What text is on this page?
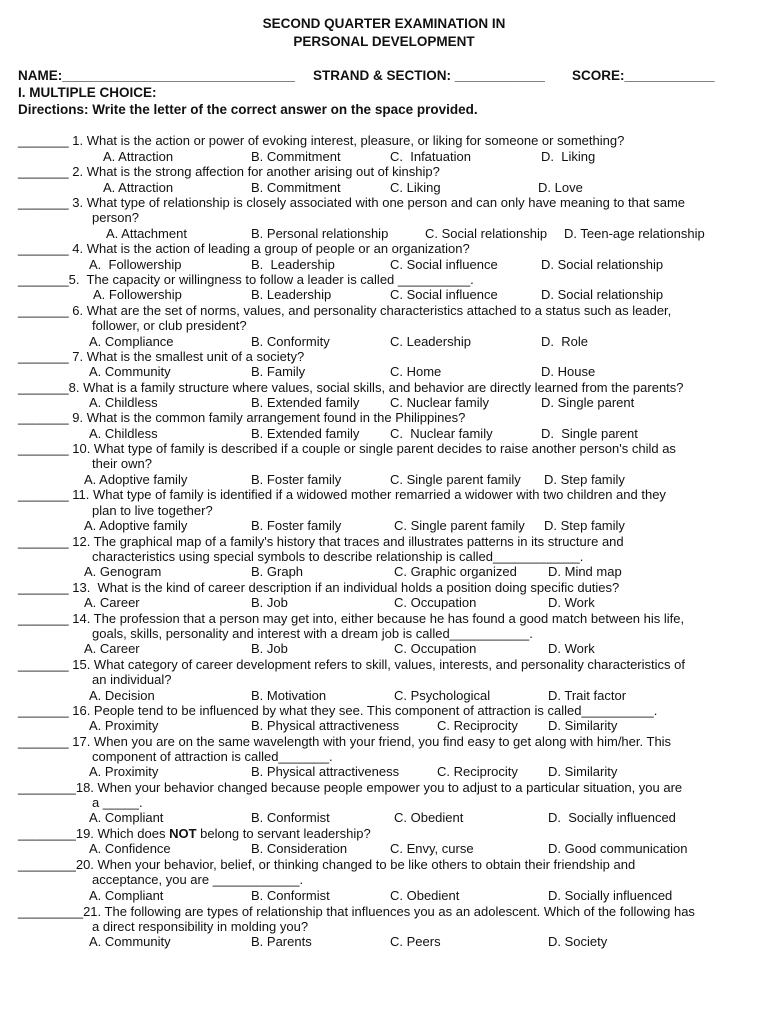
SECOND QUARTER EXAMINATION IN
PERSONAL DEVELOPMENT
NAME:_______________________________ STRAND & SECTION: ____________ SCORE:____________
I. MULTIPLE CHOICE:
Directions: Write the letter of the correct answer on the space provided.
_______ 1. What is the action or power of evoking interest, pleasure, or liking for someone or something?
A. Attraction	B. Commitment	C.  Infatuation	D.  Liking
_______ 2. What is the strong affection for another arising out of kinship?
A. Attraction	B. Commitment	C. Liking	D. Love
_______ 3. What type of relationship is closely associated with one person and can only have meaning to that same
person?
A. Attachment	B. Personal relationship	C. Social relationship D. Teen-age relationship
_______ 4. What is the action of leading a group of people or an organization?
A.  Followership	B.  Leadership	C. Social influence	D. Social relationship
_______5.  The capacity or willingness to follow a leader is called __________.
A. Followership	B. Leadership	C. Social influence	D. Social relationship
_______ 6. What are the set of norms, values, and personality characteristics attached to a status such as leader,
follower, or club president?
A. Compliance	B. Conformity	C. Leadership	D.  Role
_______ 7. What is the smallest unit of a society?
A. Community	B. Family	C. Home	D. House
_______8. What is a family structure where values, social skills, and behavior are directly learned from the parents?
A. Childless	B. Extended family C. Nuclear family	D. Single parent
_______ 9. What is the common family arrangement found in the Philippines?
A. Childless	B. Extended family C.  Nuclear family	D.  Single parent
_______ 10. What type of family is described if a couple or single parent decides to raise another person's child as
their own?
A. Adoptive family	B. Foster family	C. Single parent family D. Step family
_______ 11. What type of family is identified if a widowed mother remarried a widower with two children and they
plan to live together?
A. Adoptive family	B. Foster family	C. Single parent family D. Step family
_______ 12. The graphical map of a family's history that traces and illustrates patterns in its structure and
characteristics using special symbols to describe relationship is called____________.
A. Genogram	B. Graph	C. Graphic organized D. Mind map
_______ 13.  What is the kind of career description if an individual holds a position doing specific duties?
A. Career	B. Job	C. Occupation	D. Work
_______ 14. The profession that a person may get into, either because he has found a good match between his life,
goals, skills, personality and interest with a dream job is called___________.
A. Career	B. Job	C. Occupation	D. Work
_______ 15. What category of career development refers to skill, values, interests, and personality characteristics of
an individual?
A. Decision	B. Motivation	C. Psychological	D. Trait factor
_______ 16. People tend to be influenced by what they see. This component of attraction is called__________.
A. Proximity	B. Physical attractiveness	C. Reciprocity D. Similarity
_______ 17. When you are on the same wavelength with your friend, you find easy to get along with him/her. This
component of attraction is called_______.
A. Proximity	B. Physical attractiveness	C. Reciprocity D. Similarity
________18. When your behavior changed because people empower you to adjust to a particular situation, you are
a _____.
A. Compliant	B. Conformist	C. Obedient	D.  Socially influenced
________19. Which does NOT belong to servant leadership?
A. Confidence	B. Consideration	C. Envy, curse	D. Good communication
________20. When your behavior, belief, or thinking changed to be like others to obtain their friendship and
acceptance, you are ____________.
A. Compliant	B. Conformist	C. Obedient	D. Socially influenced
_________21. The following are types of relationship that influences you as an adolescent. Which of the following has
a direct responsibility in molding you?
A. Community	B. Parents	C. Peers	D. Society
